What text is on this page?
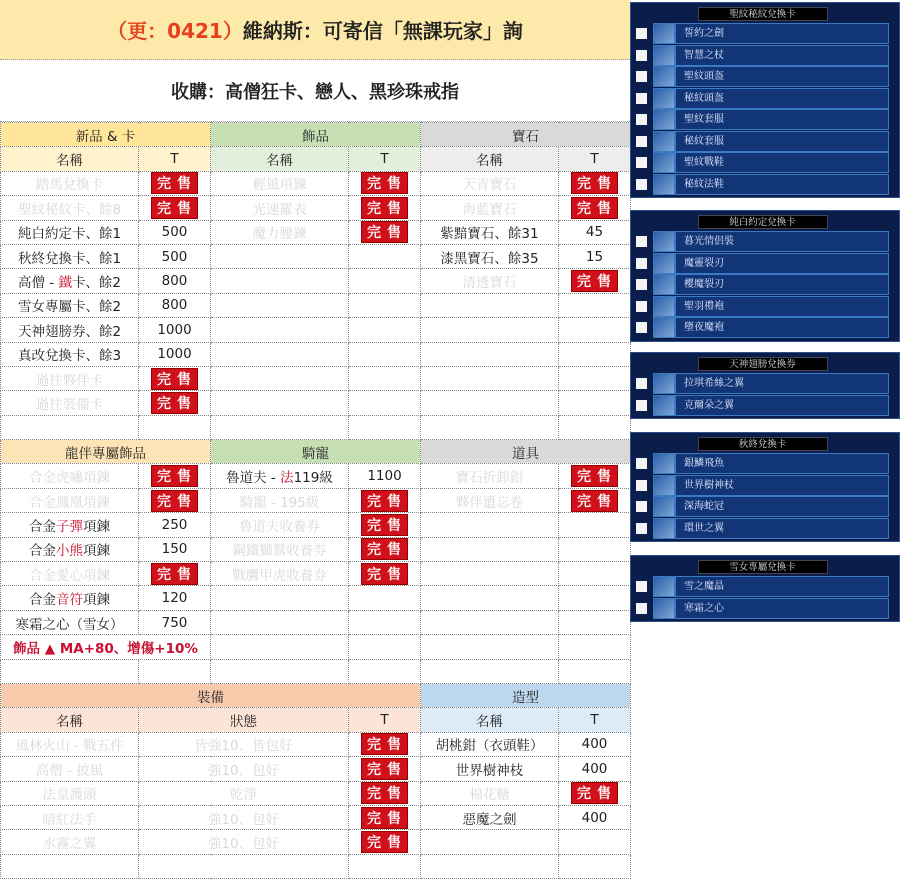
（更：0421） 維納斯：可寄信「無課玩家」詢
收購：高僧狂卡、戀人、黑珍珠戒指
新品 & 卡		飾品		寶石	
名稱	T	名稱	T	名稱	T
踏馬兌換卡	完售	輕風項鍊	完售	天青寶石	完售
聖紋秘紋卡、餘8	完售	光速羅表	完售	海藍寶石	完售
純白約定卡、餘1	500	魔力腰鍊	完售	紫黯寶石、餘31	45
秋終兌換卡、餘1	500			漆黑寶石、餘35	15
高僧 - 鐵卡、餘2	800			清透寶石	完售
雪女專屬卡、餘2	800				
天神翅膀券、餘2	1000				
真改兌換卡、餘3	1000				
過往夥伴卡	完售				
過往裝備卡	完售				

龍伴專屬飾品		騎寵		道具	
合金虎嘯項鍊	完售	魯道夫 - 法119級	1100	寶石折卸鉗	完售
合金鳳凰項鍊	完售	騎寵 - 195級	完售	夥伴遺忘卷	完售
合金子彈項鍊	250	魯道夫收養券	完售		
合金小熊項鍊	150	鋼鐵獅鷲收養券	完售		
合金愛心項鍊	完售	戰鷹甲虎收養券	完售		
合金音符項鍊	120				
寒霜之心（雪女）	750				
飾品 ▲ MA+80、增傷+10%					

裝備				造型	
名稱	狀態		T	名稱	T
風林火山 - 戰五件	皆強10、皆包好		完售	胡桃鉗（衣頭鞋）	400
高僧 - 披風	強10、包好		完售	世界樹神枝	400
法皇護頭	乾淨		完售	棉花糖	完售
暗紅法手	強10、包好		完售	惡魔之劍	400
水霧之翼	強10、包好		完售		

聖紋秘紋兌換卡
誓約之劍
智慧之杖
聖紋頭盔
秘紋頭盔
聖紋套服
秘紋套服
聖紋戰鞋
秘紋法鞋
純白約定兌換卡
暮光情侶裝
魔靈裂刃
櫻魔裂刃
聖羽禮袍
墮夜魔袍
天神翅膀兌換券
拉琪希絲之翼
克爾朵之翼
秋終兌換卡
銀鱗飛魚
世界樹神杖
深海蛇冠
環世之翼
雪女專屬兌換卡
雪之魔晶
寒霜之心
